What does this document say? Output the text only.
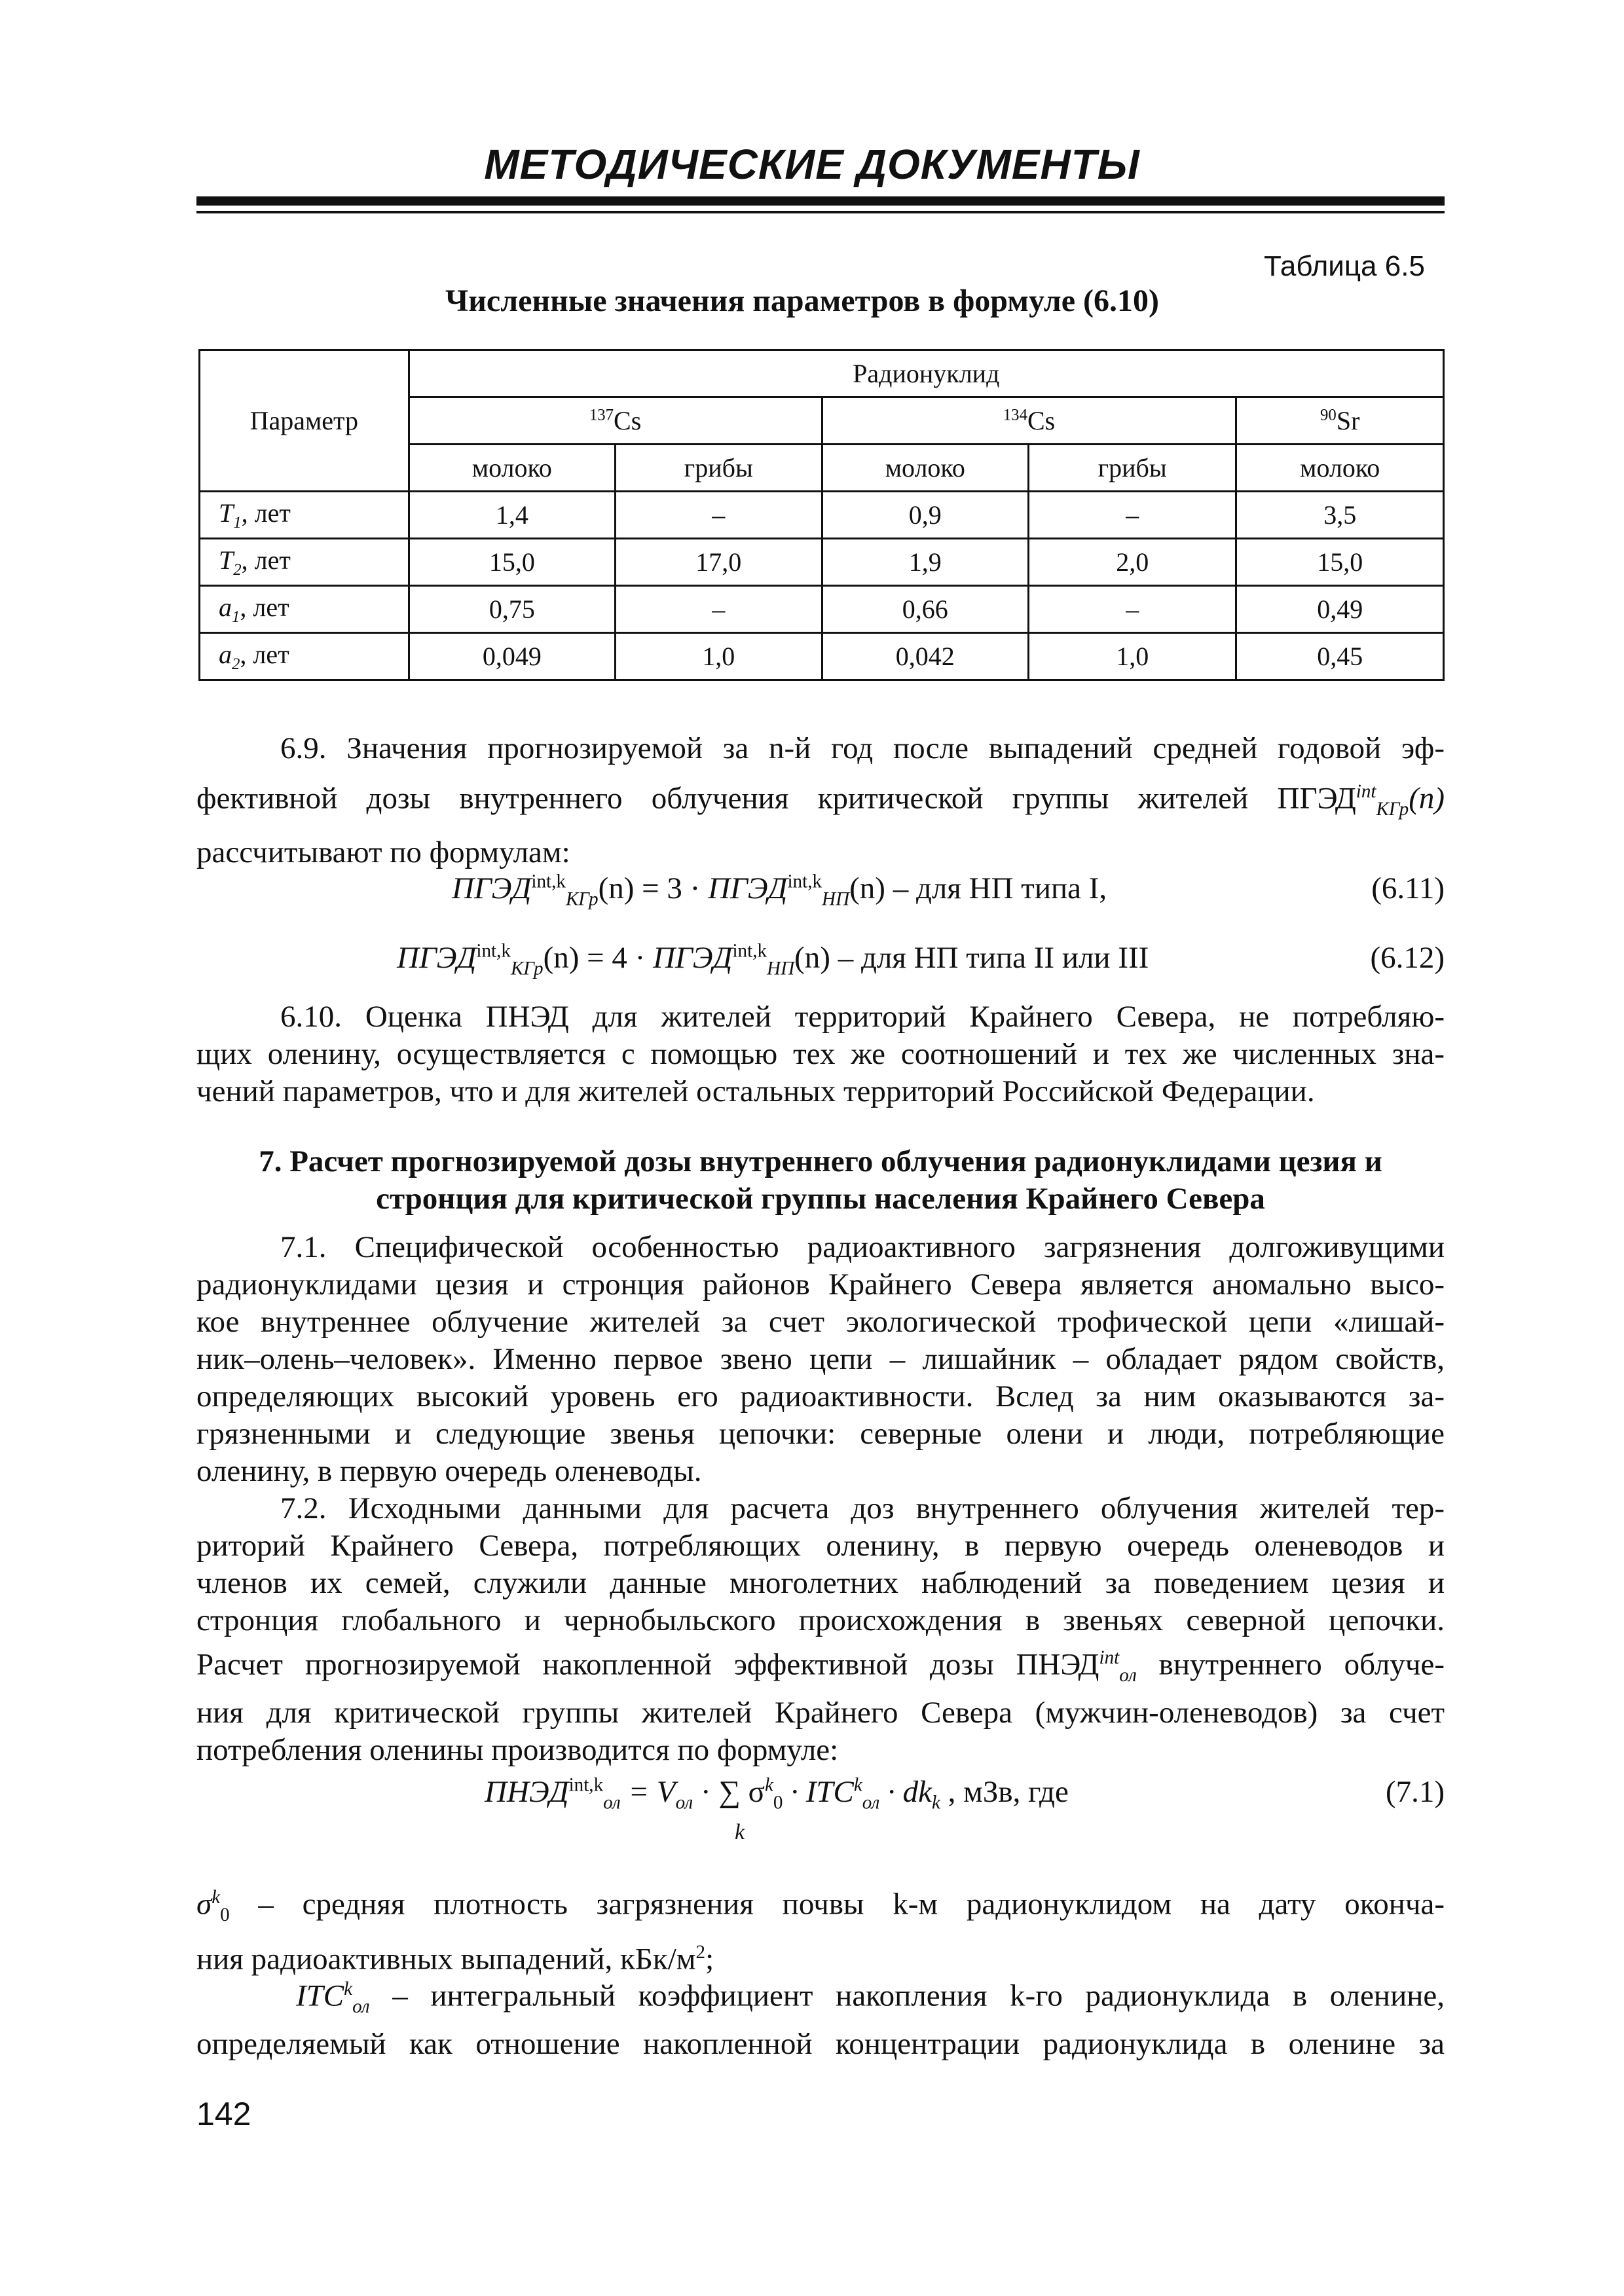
МЕТОДИЧЕСКИЕ ДОКУМЕНТЫ
Таблица 6.5
Численные значения параметров в формуле (6.10)
Параметр	Радионуклид				
	$^{137}$Cs		$^{134}$Cs		$^{90}$Sr
	молоко	грибы	молоко	грибы	молоко
$T_1$, лет	1,4	–	0,9	–	3,5
$T_2$, лет	15,0	17,0	1,9	2,0	15,0
$a_1$, лет	0,75	–	0,66	–	0,49
$a_2$, лет	0,049	1,0	0,042	1,0	0,45
6.9. Значения прогнозируемой за n-й год после выпадений средней годовой эф-
фективной дозы внутреннего облучения критической группы жителей $ПГЭД^{int}_{КГр}(n)$
рассчитывают по формулам:
$ПГЭД^{int,k}_{КГр}(n) = 3$ · $ПГЭД^{int,k}_{НП}(n)$ – для НП типа I,	(6.11)
$ПГЭД^{int,k}_{КГр}(n) = 4$ · $ПГЭД^{int,k}_{НП}(n)$ – для НП типа II или III	(6.12)
6.10. Оценка ПНЭД для жителей территорий Крайнего Севера, не потребляю-
щих оленину, осуществляется с помощью тех же соотношений и тех же численных зна-
чений параметров, что и для жителей остальных территорий Российской Федерации.
7. Расчет прогнозируемой дозы внутреннего облучения радионуклидами цезия и
стронция для критической группы населения Крайнего Севера
7.1. Специфической особенностью радиоактивного загрязнения долгоживущими
радионуклидами цезия и стронция районов Крайнего Севера является аномально высо-
кое внутреннее облучение жителей за счет экологической трофической цепи «лишай-
ник–олень–человек». Именно первое звено цепи – лишайник – обладает рядом свойств,
определяющих высокий уровень его радиоактивности. Вслед за ним оказываются за-
грязненными и следующие звенья цепочки: северные олени и люди, потребляющие
оленину, в первую очередь оленеводы.
7.2. Исходными данными для расчета доз внутреннего облучения жителей тер-
риторий Крайнего Севера, потребляющих оленину, в первую очередь оленеводов и
членов их семей, служили данные многолетних наблюдений за поведением цезия и
стронция глобального и чернобыльского происхождения в звеньях северной цепочки.
Расчет прогнозируемой накопленной эффективной дозы $ПНЭД^{int}_{ол}$ внутреннего облуче-
ния для критической группы жителей Крайнего Севера (мужчин-оленеводов) за счет
потребления оленины производится по формуле:
$ПНЭД^{int,k}_{ол} = V_{ол}$ · ∑ $\sigma^k_0 \cdot ITC^k_{ол} \cdot dk_k$ , мЗв, где
k
(7.1)
$\sigma^k_0$ – средняя плотность загрязнения почвы k-м радионуклидом на дату оконча-
ния радиоактивных выпадений, кБк/$м^2$;
$ITC^k_{ол}$ – интегральный коэффициент накопления k-го радионуклида в оленине,
определяемый как отношение накопленной концентрации радионуклида в оленине за
142
